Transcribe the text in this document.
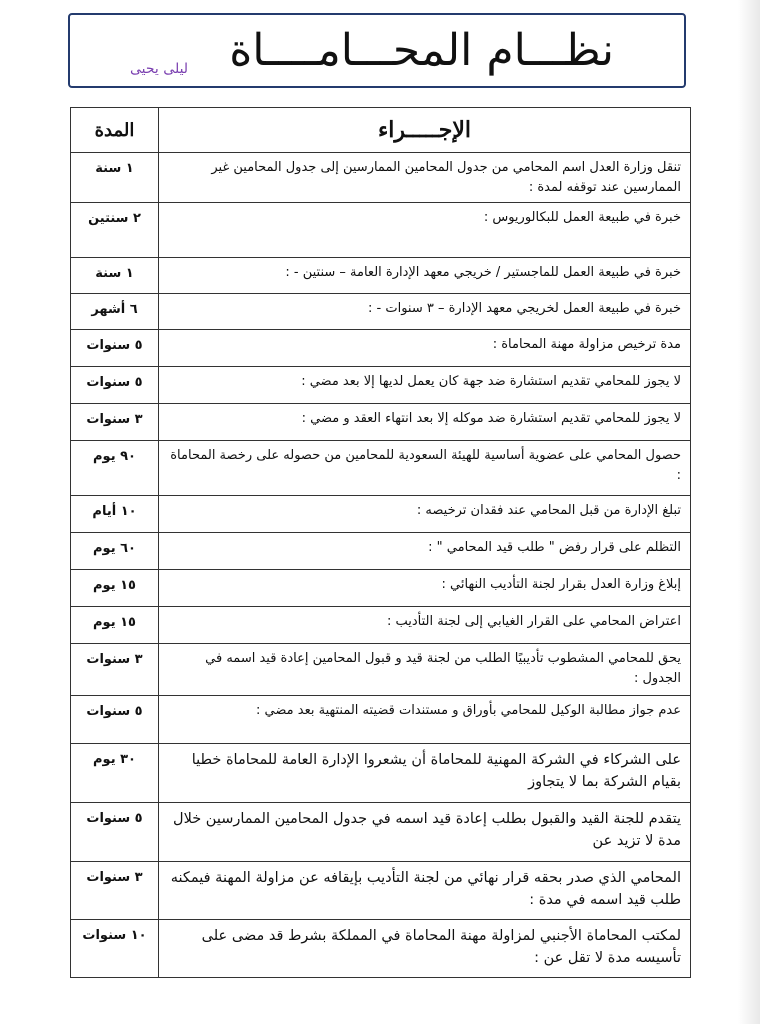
نظـــام المحـــامــــاة
ليلى يحيى
الإجـــــراء	المدة
تنقل وزارة العدل اسم المحامي من جدول المحامين الممارسين إلى جدول المحامين غير الممارسين عند توقفه لمدة :	١ سنة
خبرة في طبيعة العمل للبكالوريوس :	٢ سنتين
خبرة في طبيعة العمل للماجستير / خريجي معهد الإدارة العامة – سنتين - :	١ سنة
خبرة في طبيعة العمل لخريجي معهد الإدارة – ٣ سنوات - :	٦ أشهر
مدة ترخيص مزاولة مهنة المحاماة :	٥ سنوات
لا يجوز للمحامي تقديم استشارة ضد جهة كان يعمل لديها إلا بعد مضي :	٥ سنوات
لا يجوز للمحامي تقديم استشارة ضد موكله إلا بعد انتهاء العقد و مضي :	٣ سنوات
حصول المحامي على عضوية أساسية للهيئة السعودية للمحامين من حصوله على رخصة المحاماة :	٩٠ يوم
تبلغ الإدارة من قبل المحامي عند فقدان ترخيصه :	١٠ أيام
التظلم على قرار رفض " طلب قيد المحامي " :	٦٠ يوم
إبلاغ وزارة العدل بقرار لجنة التأديب النهائي :	١٥ يوم
اعتراض المحامي على القرار الغيابي إلى لجنة التأديب :	١٥ يوم
يحق للمحامي المشطوب تأديبيًا الطلب من لجنة قيد و قبول المحامين إعادة قيد اسمه في الجدول :	٣ سنوات
عدم جواز مطالبة الوكيل للمحامي بأوراق و مستندات قضيته المنتهية بعد مضي :	٥ سنوات
على الشركاء في الشركة المهنية للمحاماة أن يشعروا الإدارة العامة للمحاماة خطيا بقيام الشركة بما لا يتجاوز	٣٠ يوم
يتقدم للجنة القيد والقبول بطلب إعادة قيد اسمه في جدول المحامين الممارسين خلال مدة لا تزيد عن	٥ سنوات
المحامي الذي صدر بحقه قرار نهائي من لجنة التأديب بإيقافه عن مزاولة المهنة فيمكنه طلب قيد اسمه في مدة :	٣ سنوات
لمكتب المحاماة الأجنبي لمزاولة مهنة المحاماة في المملكة بشرط قد مضى على تأسيسه مدة لا تقل عن :	١٠ سنوات
